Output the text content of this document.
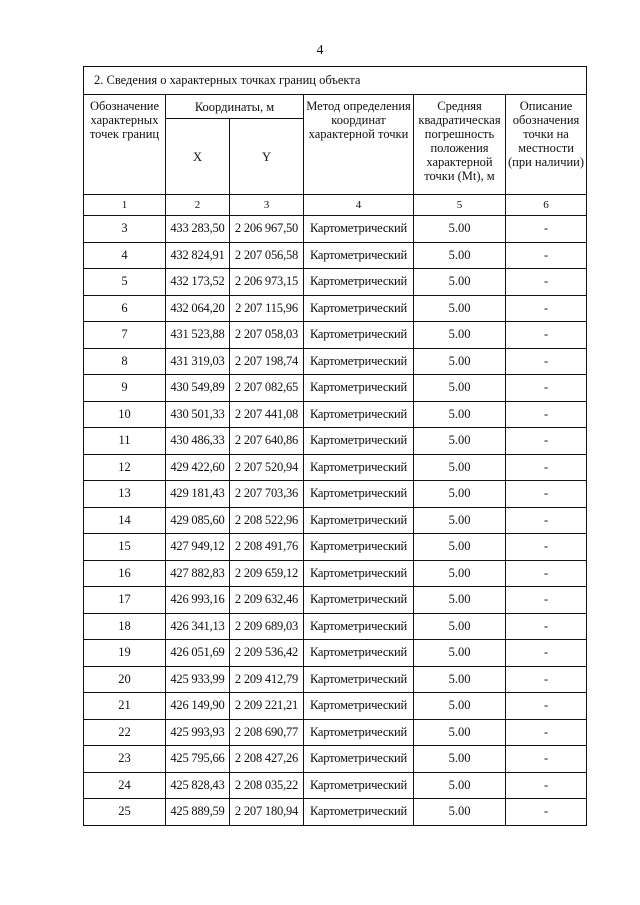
4
2. Сведения о характерных точках границ объекта					
Обозначение характерных точек границ	Координаты, м		Метод определения координат характерной точки	Средняя квадратическая погрешность положения характерной точки (Mt), м	Описание обозначения точки на местности (при наличии)
	X	Y			
1	2	3	4	5	6
3	433 283,50	2 206 967,50	Картометрический	5.00	-
4	432 824,91	2 207 056,58	Картометрический	5.00	-
5	432 173,52	2 206 973,15	Картометрический	5.00	-
6	432 064,20	2 207 115,96	Картометрический	5.00	-
7	431 523,88	2 207 058,03	Картометрический	5.00	-
8	431 319,03	2 207 198,74	Картометрический	5.00	-
9	430 549,89	2 207 082,65	Картометрический	5.00	-
10	430 501,33	2 207 441,08	Картометрический	5.00	-
11	430 486,33	2 207 640,86	Картометрический	5.00	-
12	429 422,60	2 207 520,94	Картометрический	5.00	-
13	429 181,43	2 207 703,36	Картометрический	5.00	-
14	429 085,60	2 208 522,96	Картометрический	5.00	-
15	427 949,12	2 208 491,76	Картометрический	5.00	-
16	427 882,83	2 209 659,12	Картометрический	5.00	-
17	426 993,16	2 209 632,46	Картометрический	5.00	-
18	426 341,13	2 209 689,03	Картометрический	5.00	-
19	426 051,69	2 209 536,42	Картометрический	5.00	-
20	425 933,99	2 209 412,79	Картометрический	5.00	-
21	426 149,90	2 209 221,21	Картометрический	5.00	-
22	425 993,93	2 208 690,77	Картометрический	5.00	-
23	425 795,66	2 208 427,26	Картометрический	5.00	-
24	425 828,43	2 208 035,22	Картометрический	5.00	-
25	425 889,59	2 207 180,94	Картометрический	5.00	-
